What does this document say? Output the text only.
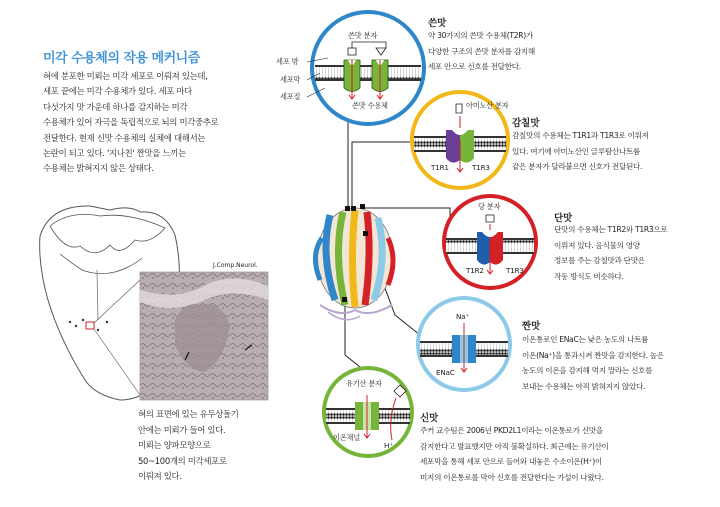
미각 수용체의 작용 메커니즘
혀에 분포한 미뢰는 미각 세포로 이뤄져 있는데,
세포 끝에는 미각 수용체가 있다. 세포 마다
다섯가지 맛 가운데 하나를 감지하는 미각
수용체가 있어 자극을 독립적으로 뇌의 미각중추로
전달한다. 현재 신맛 수용체의 실체에 대해서는
논란이 되고 있다. '지나친' 짠맛을 느끼는
수용체는 밝혀지지 않은 상태다.
J.Comp.Neurol.
혀의 표면에 있는 유두상돌기
안에는 미뢰가 들어 있다.
미뢰는 양파모양으로
50~100개의 미각세포로
이뤄져 있다.
쓴맛 분자
쓴맛 수용체
세포 밖
세포막
세포질
쓴맛
약 30가지의 쓴맛 수용체(T2R)가
다양한 구조의 쓴맛 분자를 감지해
세포 안으로 신호를 전달한다.
아미노산 분자
T1R1	T1R3
감칠맛
감칠맛의 수용체는 T1R1과 T1R3로 이뤄져
있다. 여기에 아미노산인 글루탐산나트륨
같은 분자가 달라붙으면 신호가 전달된다.
당 분자
T1R2	T1R3
단맛
단맛의 수용체는 T1R2와 T1R3으로
이뤄져 있다. 음식물의 영양
정보를 주는 감칠맛과 단맛은
작동 방식도 비슷하다.
Na⁺
ENaC
짠맛
이온통로인 ENaC는 낮은 농도의 나트륨
이온(Na⁺)을 통과시켜 짠맛을 감지한다. 높은
농도의 이온을 감지해 먹지 말라는 신호를
보내는 수용체는 아직 밝혀지지 않았다.
유기산 분자
이온채널
H⁺
신맛
주커 교수팀은 2006년 PKD2L1이라는 이온통로가 신맛을
감지한다고 발표했지만 아직 불확실하다. 최근에는 유기산이
세포막을 통해 세포 안으로 들어와 내놓은 수소이온(H⁺)이
미지의 이온통로를 막아 신호를 전달한다는 가설이 나왔다.
